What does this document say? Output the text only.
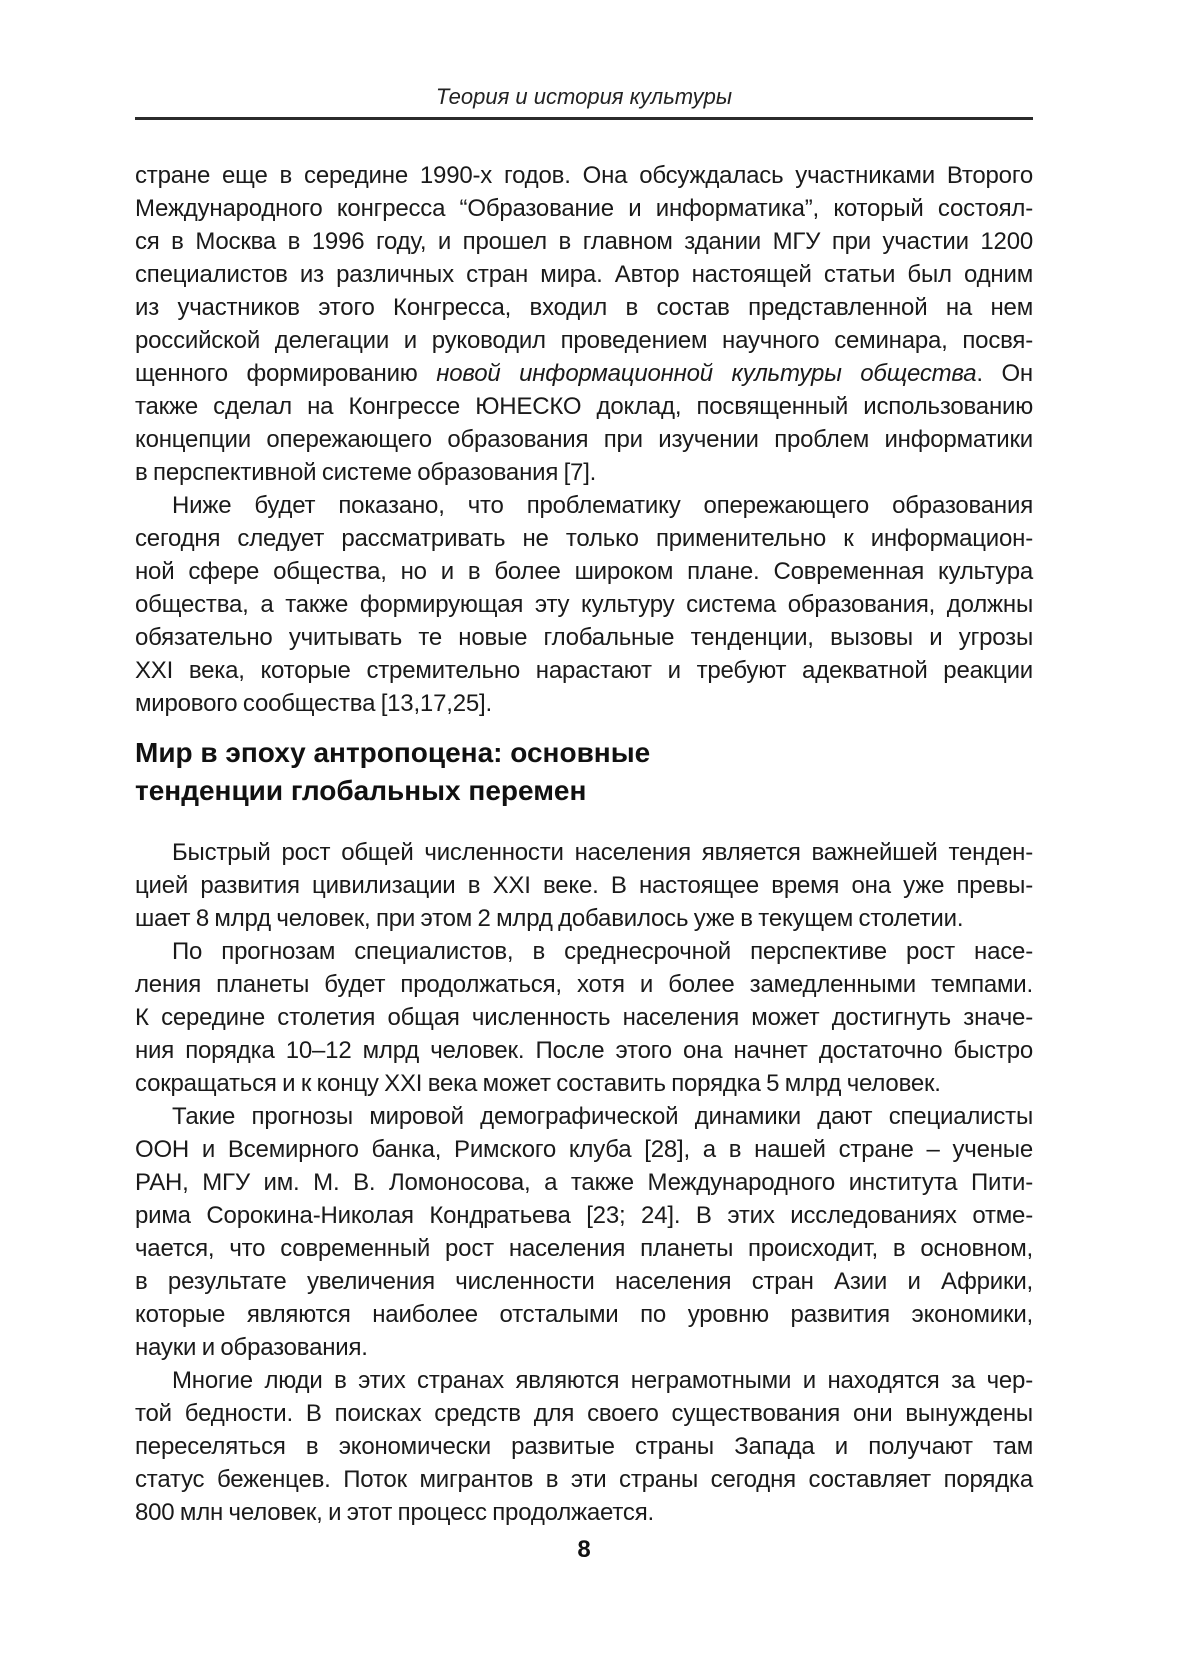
Теория и история культуры
стране еще в середине 1990-х годов. Она обсуждалась участниками Второго
Международного конгресса “Образование и информатика”, который состоял-
ся в Москва в 1996 году, и прошел в главном здании МГУ при участии 1200
специалистов из различных стран мира. Автор настоящей статьи был одним
из участников этого Конгресса, входил в состав представленной на нем
российской делегации и руководил проведением научного семинара, посвя-
щенного формированию новой информационной культуры общества. Он
также сделал на Конгрессе ЮНЕСКО доклад, посвященный использованию
концепции опережающего образования при изучении проблем информатики
в перспективной системе образования [7].
Ниже будет показано, что проблематику опережающего образования
сегодня следует рассматривать не только применительно к информацион-
ной сфере общества, но и в более широком плане. Современная культура
общества, а также формирующая эту культуру система образования, должны
обязательно учитывать те новые глобальные тенденции, вызовы и угрозы
XXI века, которые стремительно нарастают и требуют адекватной реакции
мирового сообщества [13,17,25].
Мир в эпоху антропоцена: основные
тенденции глобальных перемен
Быстрый рост общей численности населения является важнейшей тенден-
цией развития цивилизации в XXI веке. В настоящее время она уже превы-
шает 8 млрд человек, при этом 2 млрд добавилось уже в текущем столетии.
По прогнозам специалистов, в среднесрочной перспективе рост насе-
ления планеты будет продолжаться, хотя и более замедленными темпами.
К середине столетия общая численность населения может достигнуть значе-
ния порядка 10–12 млрд человек. После этого она начнет достаточно быстро
сокращаться и к концу XXI века может составить порядка 5 млрд человек.
Такие прогнозы мировой демографической динамики дают специалисты
ООН и Всемирного банка, Римского клуба [28], а в нашей стране – ученые
РАН, МГУ им. М. В. Ломоносова, а также Международного института Пити-
рима Сорокина-Николая Кондратьева [23; 24]. В этих исследованиях отме-
чается, что современный рост населения планеты происходит, в основном,
в результате увеличения численности населения стран Азии и Африки,
которые являются наиболее отсталыми по уровню развития экономики,
науки и образования.
Многие люди в этих странах являются неграмотными и находятся за чер-
той бедности. В поисках средств для своего существования они вынуждены
переселяться в экономически развитые страны Запада и получают там
статус беженцев. Поток мигрантов в эти страны сегодня составляет порядка
800 млн человек, и этот процесс продолжается.
8
